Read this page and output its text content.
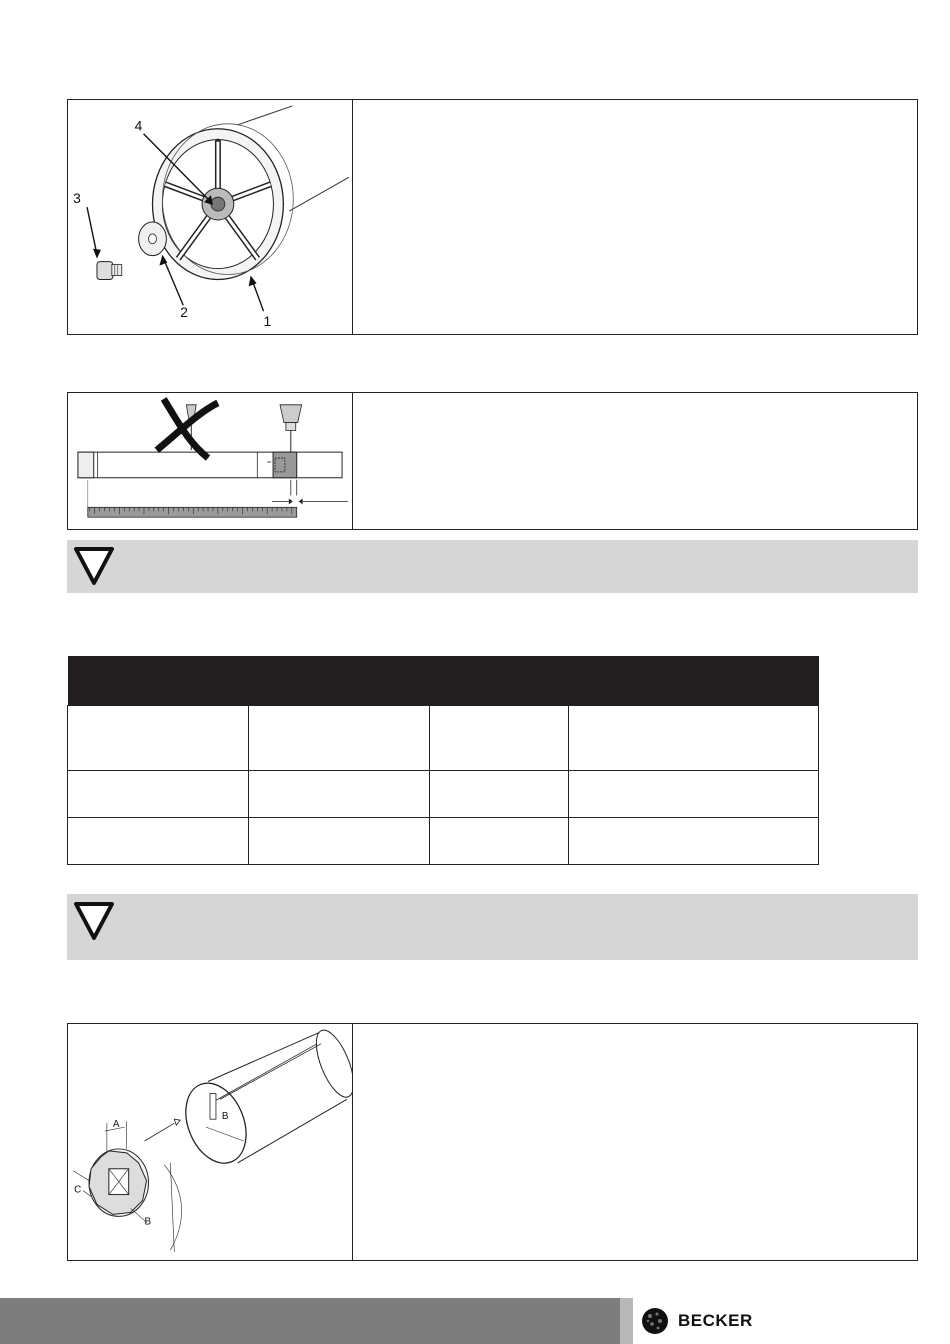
4
3
2
1

A
B
C
B
BECKER
